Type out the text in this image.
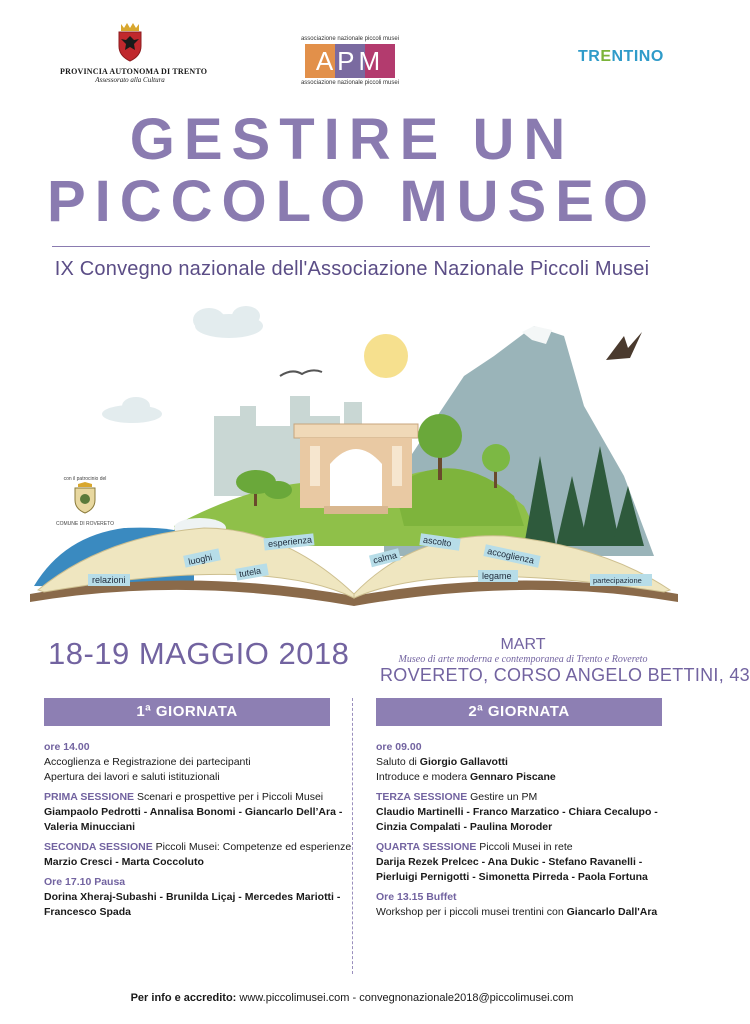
PROVINCIA AUTONOMA DI TRENTO
Assessorato alla Cultura
associazione nazionale piccoli musei
APM
associazione nazionale piccoli musei
TRENTINO
GESTIRE UN
PICCOLO MUSEO
IX Convegno nazionale dell'Associazione Nazionale Piccoli Musei
relazioni
luoghi
tutela
esperienza
calma
ascolto
accoglienza
legame	partecipazione
con il patrocinio del
COMUNE DI ROVERETO
18-19 MAGGIO 2018	MART
Museo di arte moderna e contemporanea di Trento e Rovereto
ROVERETO, CORSO ANGELO BETTINI, 43
1ª GIORNATA
ore 14.00
Accoglienza e Registrazione dei partecipanti
Apertura dei lavori e saluti istituzionali
PRIMA SESSIONE Scenari e prospettive per i Piccoli Musei
Giampaolo Pedrotti - Annalisa Bonomi - Giancarlo Dell’Ara -
Valeria Minucciani
SECONDA SESSIONE Piccoli Musei: Competenze ed esperienze
Marzio Cresci - Marta Coccoluto
Ore 17.10 Pausa
Dorina Xheraj-Subashi - Brunilda Liçaj - Mercedes Mariotti -
Francesco Spada
2ª GIORNATA
ore 09.00
Saluto di Giorgio Gallavotti
Introduce e modera Gennaro Piscane
TERZA SESSIONE Gestire un PM
Claudio Martinelli - Franco Marzatico - Chiara Cecalupo -
Cinzia Compalati - Paulina Moroder
QUARTA SESSIONE Piccoli Musei in rete
Darija Rezek Prelcec - Ana Dukic - Stefano Ravanelli -
Pierluigi Pernigotti - Simonetta Pirreda - Paola Fortuna
Ore 13.15 Buffet
Workshop per i piccoli musei trentini con Giancarlo Dall'Ara
Per info e accredito: www.piccolimusei.com - convegnonazionale2018@piccolimusei.com
